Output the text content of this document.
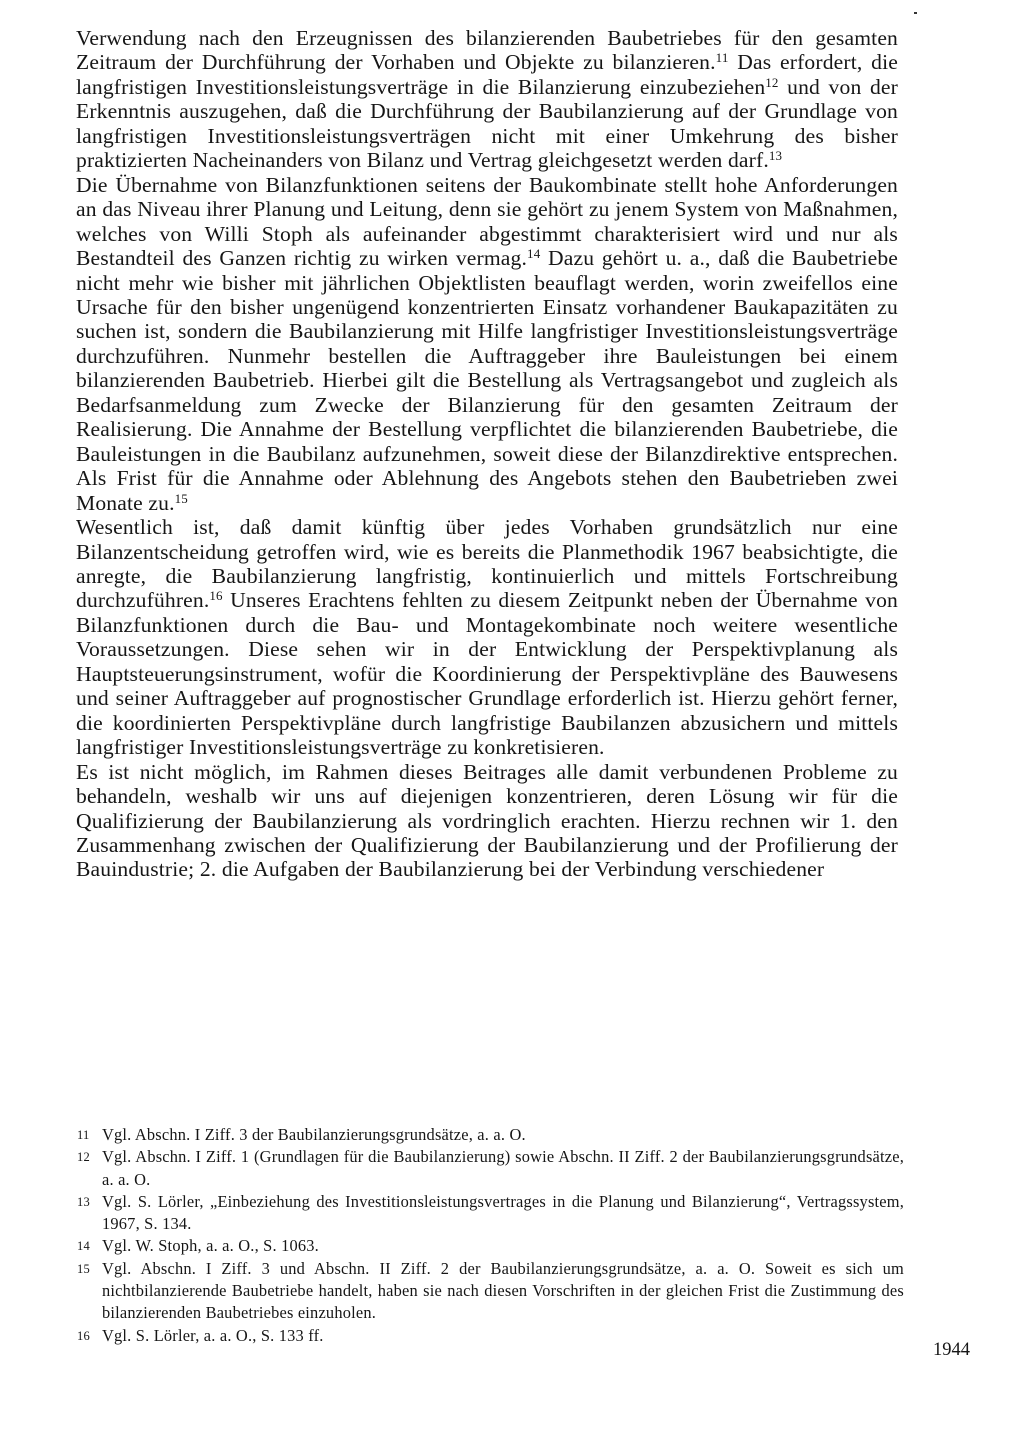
Verwendung nach den Erzeugnissen des bilanzierenden Baubetriebes für den gesamten Zeitraum der Durchführung der Vorhaben und Objekte zu bilanzieren.$^{11}$ Das erfordert, die langfristigen Investitionsleistungsverträge in die Bilanzierung einzubeziehen$^{12}$ und von der Erkenntnis auszugehen, daß die Durchführung der Baubilanzierung auf der Grundlage von langfristigen Investitionsleistungsverträgen nicht mit einer Umkehrung des bisher praktizierten Nacheinanders von Bilanz und Vertrag gleichgesetzt werden darf.$^{13}$

Die Übernahme von Bilanzfunktionen seitens der Baukombinate stellt hohe Anforderungen an das Niveau ihrer Planung und Leitung, denn sie gehört zu jenem System von Maßnahmen, welches von Willi Stoph als aufeinander abgestimmt charakterisiert wird und nur als Bestandteil des Ganzen richtig zu wirken vermag.$^{14}$ Dazu gehört u. a., daß die Baubetriebe nicht mehr wie bisher mit jährlichen Objektlisten beauflagt werden, worin zweifellos eine Ursache für den bisher ungenügend konzentrierten Einsatz vorhandener Baukapazitäten zu suchen ist, sondern die Baubilanzierung mit Hilfe langfristiger Investitionsleistungsverträge durchzuführen. Nunmehr bestellen die Auftraggeber ihre Bauleistungen bei einem bilanzierenden Baubetrieb. Hierbei gilt die Bestellung als Vertragsangebot und zugleich als Bedarfsanmeldung zum Zwecke der Bilanzierung für den gesamten Zeitraum der Realisierung. Die Annahme der Bestellung verpflichtet die bilanzierenden Baubetriebe, die Bauleistungen in die Baubilanz aufzunehmen, soweit diese der Bilanzdirektive entsprechen. Als Frist für die Annahme oder Ablehnung des Angebots stehen den Baubetrieben zwei Monate zu.$^{15}$

Wesentlich ist, daß damit künftig über jedes Vorhaben grundsätzlich nur eine Bilanzentscheidung getroffen wird, wie es bereits die Planmethodik 1967 beabsichtigte, die anregte, die Baubilanzierung langfristig, kontinuierlich und mittels Fortschreibung durchzuführen.$^{16}$ Unseres Erachtens fehlten zu diesem Zeitpunkt neben der Übernahme von Bilanzfunktionen durch die Bau- und Montagekombinate noch weitere wesentliche Voraussetzungen. Diese sehen wir in der Entwicklung der Perspektivplanung als Hauptsteuerungsinstrument, wofür die Koordinierung der Perspektivpläne des Bauwesens und seiner Auftraggeber auf prognostischer Grundlage erforderlich ist. Hierzu gehört ferner, die koordinierten Perspektivpläne durch langfristige Baubilanzen abzusichern und mittels langfristiger Investitionsleistungsverträge zu konkretisieren.

Es ist nicht möglich, im Rahmen dieses Beitrages alle damit verbundenen Probleme zu behandeln, weshalb wir uns auf diejenigen konzentrieren, deren Lösung wir für die Qualifizierung der Baubilanzierung als vordringlich erachten. Hierzu rechnen wir 1. den Zusammenhang zwischen der Qualifizierung der Baubilanzierung und der Profilierung der Bauindustrie; 2. die Aufgaben der Baubilanzierung bei der Verbindung verschiedener

11 Vgl. Abschn. I Ziff. 3 der Baubilanzierungsgrundsätze, a. a. O.
12 Vgl. Abschn. I Ziff. 1 (Grundlagen für die Baubilanzierung) sowie Abschn. II Ziff. 2 der Baubilanzierungsgrundsätze, a. a. O.
13 Vgl. S. Lörler, „Einbeziehung des Investitionsleistungsvertrages in die Planung und Bilanzierung“, Vertragssystem, 1967, S. 134.
14 Vgl. W. Stoph, a. a. O., S. 1063.
15 Vgl. Abschn. I Ziff. 3 und Abschn. II Ziff. 2 der Baubilanzierungsgrundsätze, a. a. O. Soweit es sich um nichtbilanzierende Baubetriebe handelt, haben sie nach diesen Vorschriften in der gleichen Frist die Zustimmung des bilanzierenden Baubetriebes einzuholen.
16 Vgl. S. Lörler, a. a. O., S. 133 ff.
1944
